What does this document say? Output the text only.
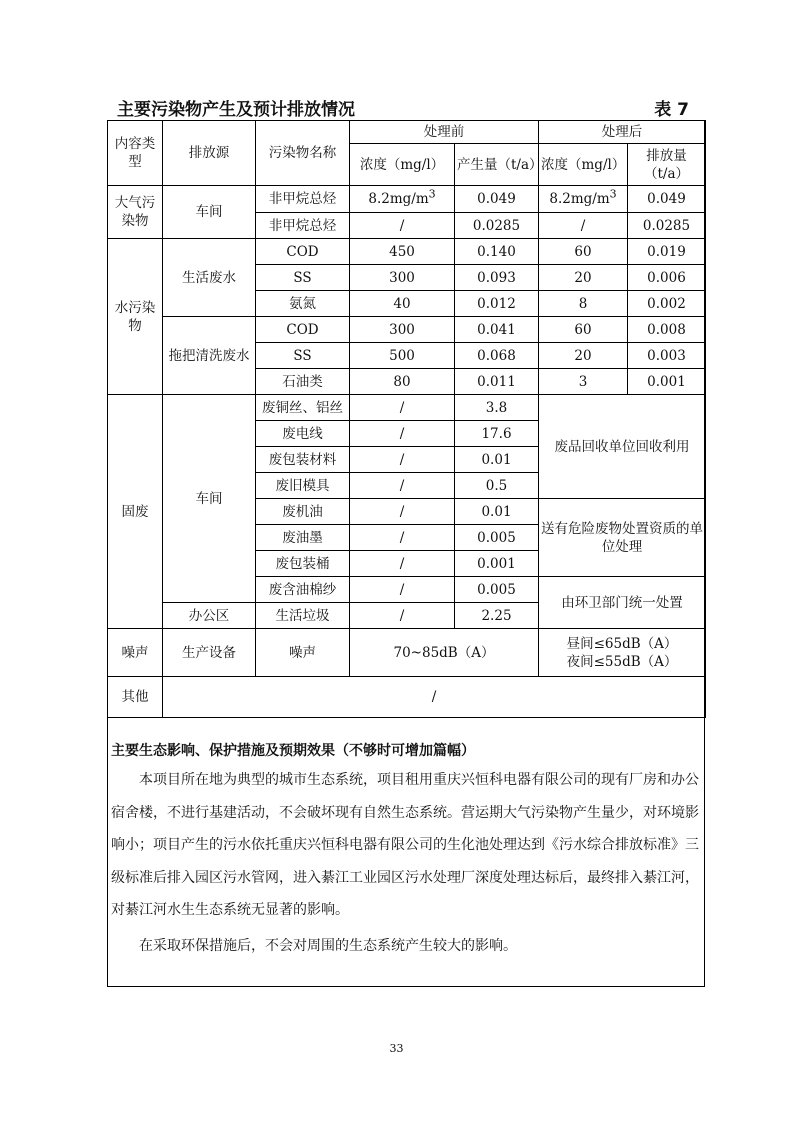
主要污染物产生及预计排放情况	表 7
内容类型	排放源	污染物名称	处理前		处理后	
			浓度（mg/l）	产生量（t/a）	浓度（mg/l）	排放量（t/a）
大气污染物	车间	非甲烷总烃	$8.2mg/m^3$	0.049	$8.2mg/m^3$	0.049
		非甲烷总烃	/	0.0285	/	0.0285
水污染物	生活废水	COD	450	0.140	60	0.019
		SS	300	0.093	20	0.006
		氨氮	40	0.012	8	0.002
	拖把清洗废水	COD	300	0.041	60	0.008
		SS	500	0.068	20	0.003
		石油类	80	0.011	3	0.001
固废	车间	废铜丝、铝丝	/	3.8	废品回收单位回收利用	
		废电线	/	17.6		
		废包装材料	/	0.01		
		废旧模具	/	0.5		
		废机油	/	0.01	送有危险废物处置资质的单位处理	
		废油墨	/	0.005		
		废包装桶	/	0.001		
		废含油棉纱	/	0.005	由环卫部门统一处置	
	办公区	生活垃圾	/	2.25		
噪声	生产设备	噪声	70~85dB（A）		昼间≤65dB（A）
夜间≤55dB（A）	

其他	/					
主要生态影响、保护措施及预期效果（不够时可增加篇幅）

本项目所在地为典型的城市生态系统，项目租用重庆兴恒科电器有限公司的现有厂房和办公宿舍楼，不进行基建活动，不会破坏现有自然生态系统。营运期大气污染物产生量少，对环境影响小；项目产生的污水依托重庆兴恒科电器有限公司的生化池处理达到《污水综合排放标准》三级标准后排入园区污水管网，进入綦江工业园区污水处理厂深度处理达标后，最终排入綦江河，对綦江河水生生态系统无显著的影响。

在采取环保措施后，不会对周围的生态系统产生较大的影响。

33
